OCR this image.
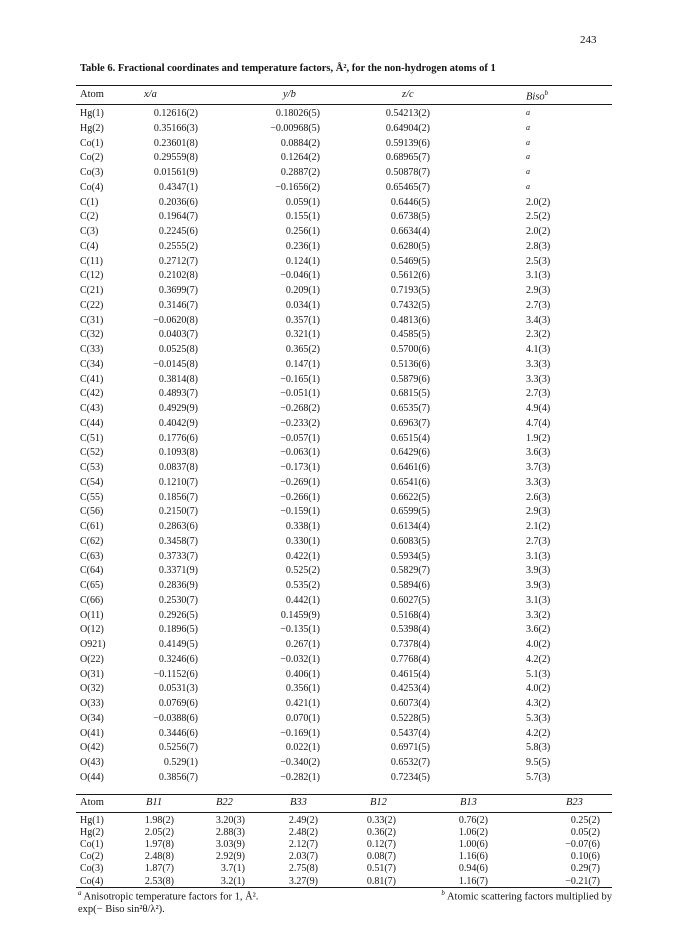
243
Table 6. Fractional coordinates and temperature factors, Å², for the non-hydrogen atoms of 1
Atom	x/a	y/b	z/c	Biso$^b$
Hg(1)	0.12616(2)	0.18026(5)	0.54213(2)	a
Hg(2)	0.35166(3)	−0.00968(5)	0.64904(2)	a
Co(1)	0.23601(8)	0.0884(2)	0.59139(6)	a
Co(2)	0.29559(8)	0.1264(2)	0.68965(7)	a
Co(3)	0.01561(9)	0.2887(2)	0.50878(7)	a
Co(4)	0.4347(1)	−0.1656(2)	0.65465(7)	a
C(1)	0.2036(6)	0.059(1)	0.6446(5)	2.0(2)
C(2)	0.1964(7)	0.155(1)	0.6738(5)	2.5(2)
C(3)	0.2245(6)	0.256(1)	0.6634(4)	2.0(2)
C(4)	0.2555(2)	0.236(1)	0.6280(5)	2.8(3)
C(11)	0.2712(7)	0.124(1)	0.5469(5)	2.5(3)
C(12)	0.2102(8)	−0.046(1)	0.5612(6)	3.1(3)
C(21)	0.3699(7)	0.209(1)	0.7193(5)	2.9(3)
C(22)	0.3146(7)	0.034(1)	0.7432(5)	2.7(3)
C(31)	−0.0620(8)	0.357(1)	0.4813(6)	3.4(3)
C(32)	0.0403(7)	0.321(1)	0.4585(5)	2.3(2)
C(33)	0.0525(8)	0.365(2)	0.5700(6)	4.1(3)
C(34)	−0.0145(8)	0.147(1)	0.5136(6)	3.3(3)
C(41)	0.3814(8)	−0.165(1)	0.5879(6)	3.3(3)
C(42)	0.4893(7)	−0.051(1)	0.6815(5)	2.7(3)
C(43)	0.4929(9)	−0.268(2)	0.6535(7)	4.9(4)
C(44)	0.4042(9)	−0.233(2)	0.6963(7)	4.7(4)
C(51)	0.1776(6)	−0.057(1)	0.6515(4)	1.9(2)
C(52)	0.1093(8)	−0.063(1)	0.6429(6)	3.6(3)
C(53)	0.0837(8)	−0.173(1)	0.6461(6)	3.7(3)
C(54)	0.1210(7)	−0.269(1)	0.6541(6)	3.3(3)
C(55)	0.1856(7)	−0.266(1)	0.6622(5)	2.6(3)
C(56)	0.2150(7)	−0.159(1)	0.6599(5)	2.9(3)
C(61)	0.2863(6)	0.338(1)	0.6134(4)	2.1(2)
C(62)	0.3458(7)	0.330(1)	0.6083(5)	2.7(3)
C(63)	0.3733(7)	0.422(1)	0.5934(5)	3.1(3)
C(64)	0.3371(9)	0.525(2)	0.5829(7)	3.9(3)
C(65)	0.2836(9)	0.535(2)	0.5894(6)	3.9(3)
C(66)	0.2530(7)	0.442(1)	0.6027(5)	3.1(3)
O(11)	0.2926(5)	0.1459(9)	0.5168(4)	3.3(2)
O(12)	0.1896(5)	−0.135(1)	0.5398(4)	3.6(2)
O921)	0.4149(5)	0.267(1)	0.7378(4)	4.0(2)
O(22)	0.3246(6)	−0.032(1)	0.7768(4)	4.2(2)
O(31)	−0.1152(6)	0.406(1)	0.4615(4)	5.1(3)
O(32)	0.0531(3)	0.356(1)	0.4253(4)	4.0(2)
O(33)	0.0769(6)	0.421(1)	0.6073(4)	4.3(2)
O(34)	−0.0388(6)	0.070(1)	0.5228(5)	5.3(3)
O(41)	0.3446(6)	−0.169(1)	0.5437(4)	4.2(2)
O(42)	0.5256(7)	0.022(1)	0.6971(5)	5.8(3)
O(43)	0.529(1)	−0.340(2)	0.6532(7)	9.5(5)
O(44)	0.3856(7)	−0.282(1)	0.7234(5)	5.7(3)
Atom	B11	B22	B33	B12	B13	B23
Hg(1)	1.98(2)	3.20(3)	2.49(2)	0.33(2)	0.76(2)	0.25(2)
Hg(2)	2.05(2)	2.88(3)	2.48(2)	0.36(2)	1.06(2)	0.05(2)
Co(1)	1.97(8)	3.03(9)	2.12(7)	0.12(7)	1.00(6)	−0.07(6)
Co(2)	2.48(8)	2.92(9)	2.03(7)	0.08(7)	1.16(6)	0.10(6)
Co(3)	1.87(7)	3.7(1)	2.75(8)	0.51(7)	0.94(6)	0.29(7)
Co(4)	2.53(8)	3.2(1)	3.27(9)	0.81(7)	1.16(7)	−0.21(7)
$^a$ Anisotropic temperature factors for 1, Å².	$^b$ Atomic scattering factors multiplied by
exp(− Biso sin²θ/λ²).
